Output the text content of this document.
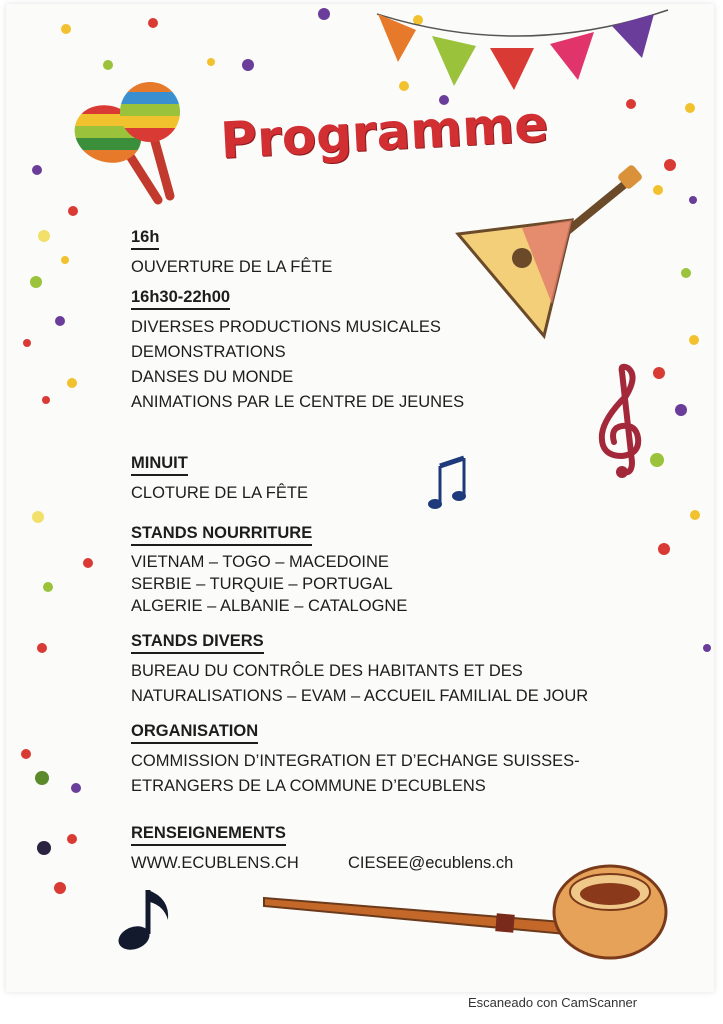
Programme
16h
OUVERTURE DE LA FÊTE
16h30-22h00
DIVERSES PRODUCTIONS MUSICALES
DEMONSTRATIONS
DANSES DU MONDE
ANIMATIONS PAR LE CENTRE DE JEUNES
MINUIT
CLOTURE DE LA FÊTE
STANDS NOURRITURE
VIETNAM – TOGO – MACEDOINE
SERBIE – TURQUIE – PORTUGAL
ALGERIE – ALBANIE – CATALOGNE
STANDS DIVERS
BUREAU DU CONTRÔLE DES HABITANTS ET DES
NATURALISATIONS – EVAM – ACCUEIL FAMILIAL DE JOUR
ORGANISATION
COMMISSION D’INTEGRATION ET D’ECHANGE SUISSES-
ETRANGERS DE LA COMMUNE D’ECUBLENS
RENSEIGNEMENTS
WWW.ECUBLENS.CH	CIESEE@ecublens.ch
Escaneado con CamScanner
